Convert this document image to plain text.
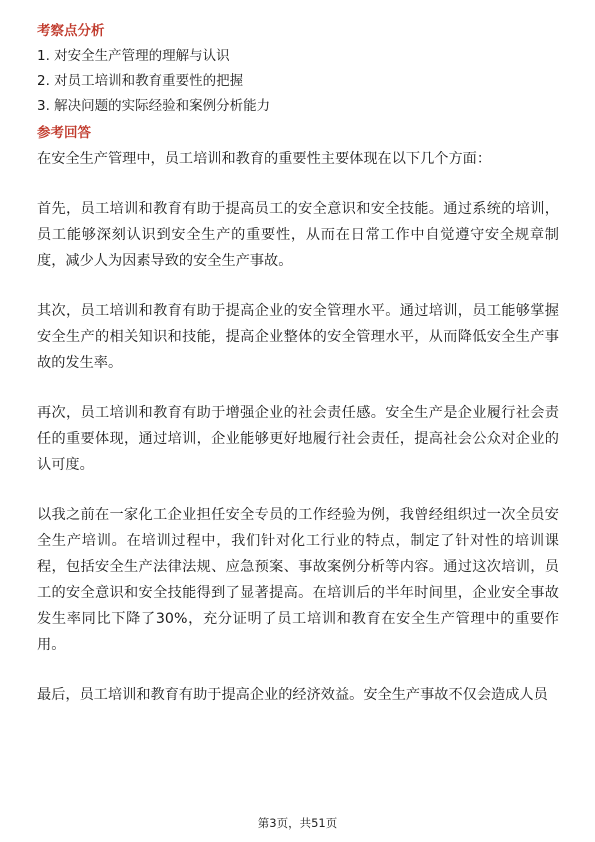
考察点分析
1. 对安全生产管理的理解与认识
2. 对员工培训和教育重要性的把握
3. 解决问题的实际经验和案例分析能力
参考回答

在安全生产管理中，员工培训和教育的重要性主要体现在以下几个方面：

首先，员工培训和教育有助于提高员工的安全意识和安全技能。通过系统的培训，员工能够深刻认识到安全生产的重要性，从而在日常工作中自觉遵守安全规章制度，减少人为因素导致的安全生产事故。

其次，员工培训和教育有助于提高企业的安全管理水平。通过培训，员工能够掌握安全生产的相关知识和技能，提高企业整体的安全管理水平，从而降低安全生产事故的发生率。

再次，员工培训和教育有助于增强企业的社会责任感。安全生产是企业履行社会责任的重要体现，通过培训，企业能够更好地履行社会责任，提高社会公众对企业的认可度。

以我之前在一家化工企业担任安全专员的工作经验为例，我曾经组织过一次全员安全生产培训。在培训过程中，我们针对化工行业的特点，制定了针对性的培训课程，包括安全生产法律法规、应急预案、事故案例分析等内容。通过这次培训，员工的安全意识和安全技能得到了显著提高。在培训后的半年时间里，企业安全事故发生率同比下降了30%，充分证明了员工培训和教育在安全生产管理中的重要作用。

最后，员工培训和教育有助于提高企业的经济效益。安全生产事故不仅会造成人员

第3页，共51页
